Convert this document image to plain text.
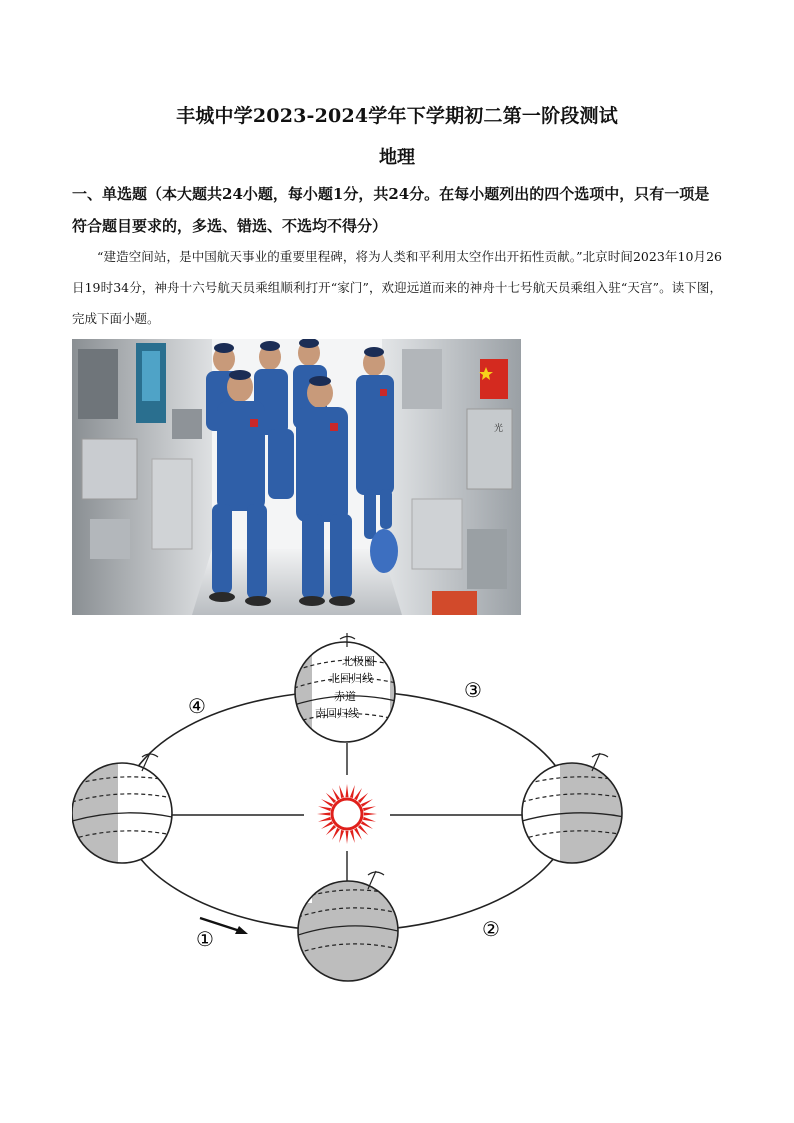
丰城中学2023-2024学年下学期初二第一阶段测试
地理
一、单选题（本大题共24小题，每小题1分，共24分。在每小题列出的四个选项中，只有一项是符合题目要求的，多选、错选、不选均不得分）
“建造空间站，是中国航天事业的重要里程碑，将为人类和平利用太空作出开拓性贡献。”北京时间2023年10月26日19时34分，神舟十六号航天员乘组顺利打开“家门”，欢迎远道而来的神舟十七号航天员乘组入驻“天宫”。读下图，完成下面小题。
光
北极圈
北回归线
赤道
南回归线
①	②
③
④
